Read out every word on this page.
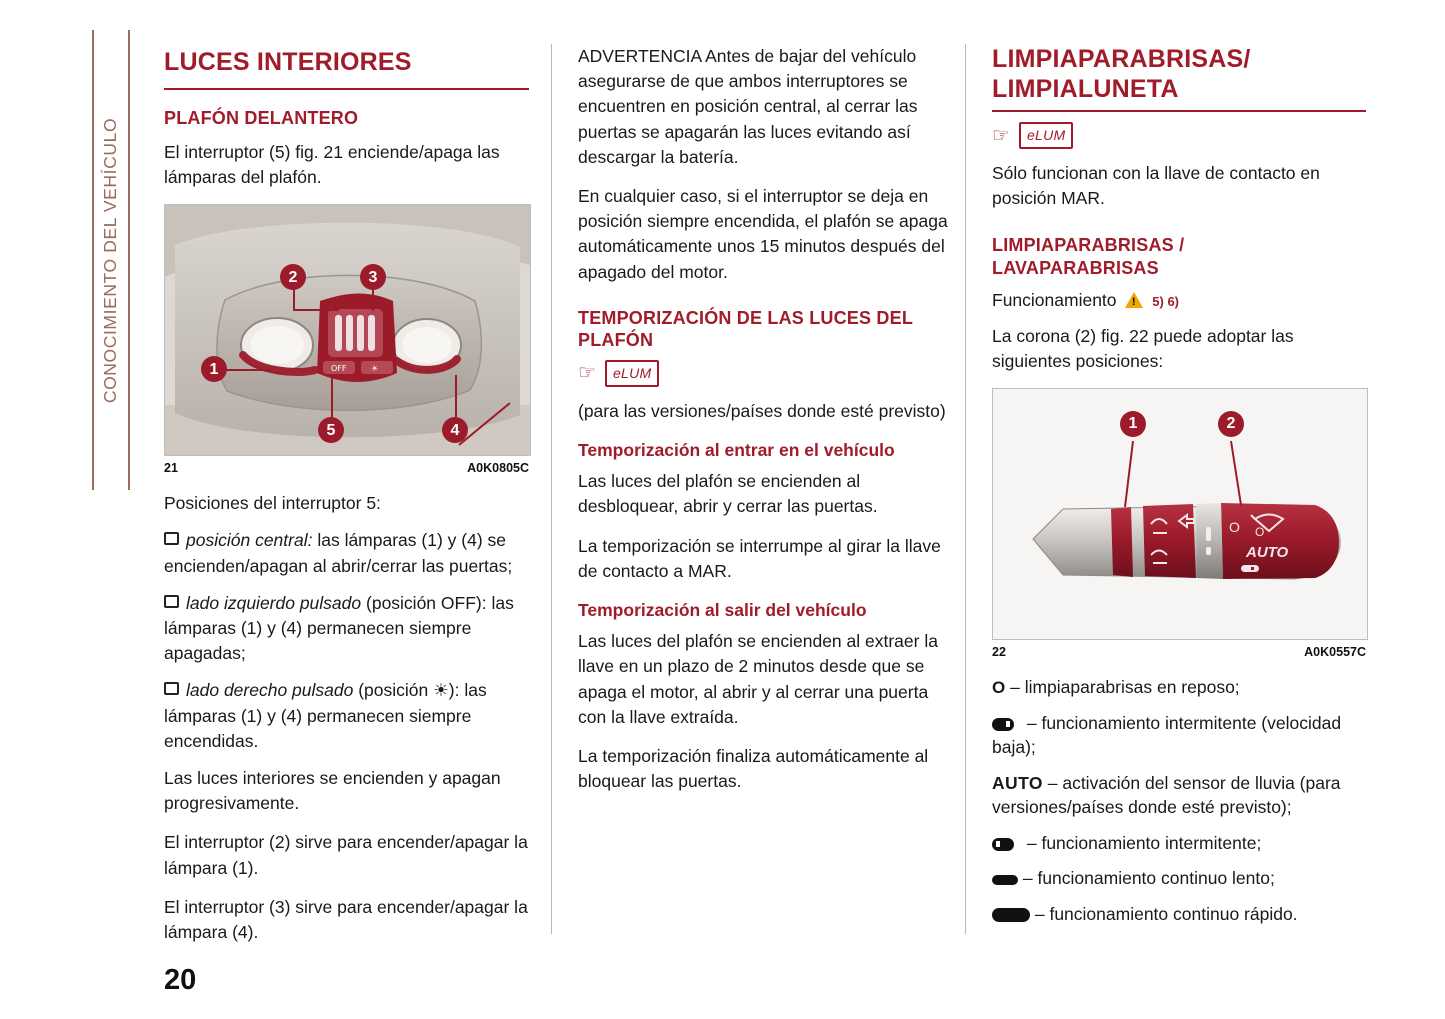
CONOCIMIENTO DEL VEHÍCULO
LUCES INTERIORES
PLAFÓN DELANTERO

El interruptor (5) fig. 21 enciende/apaga las lámparas del plafón.

OFF	☀
2	3
1
5	4
21	A0K0805C

Posiciones del interruptor 5:

posición central: las lámparas (1) y (4) se encienden/apagan al abrir/cerrar las puertas;
lado izquierdo pulsado (posición OFF): las lámparas (1) y (4) permanecen siempre apagadas;
lado derecho pulsado (posición ☀): las lámparas (1) y (4) permanecen siempre encendidas.

Las luces interiores se encienden y apagan progresivamente.

El interruptor (2) sirve para encender/apagar la lámpara (1).

El interruptor (3) sirve para encender/apagar la lámpara (4).

ADVERTENCIA Antes de bajar del vehículo asegurarse de que ambos interruptores se encuentren en posición central, al cerrar las puertas se apagarán las luces evitando así descargar la batería.

En cualquier caso, si el interruptor se deja en posición siempre encendida, el plafón se apaga automáticamente unos 15 minutos después del apagado del motor.

TEMPORIZACIÓN DE LAS LUCES DEL PLAFÓN
☞	eLUM

(para las versiones/países donde esté previsto)

Temporización al entrar en el vehículo

Las luces del plafón se encienden al desbloquear, abrir y cerrar las puertas.

La temporización se interrumpe al girar la llave de contacto a MAR.

Temporización al salir del vehículo

Las luces del plafón se encienden al extraer la llave en un plazo de 2 minutos desde que se apaga el motor, al abrir y al cerrar una puerta con la llave extraída.

La temporización finaliza automáticamente al bloquear las puertas.

LIMPIAPARABRISAS/
LIMPIALUNETA
☞	eLUM

Sólo funcionan con la llave de contacto en posición MAR.

LIMPIAPARABRISAS /
LAVAPARABRISAS
Funcionamiento !	5) 6)

La corona (2) fig. 22 puede adoptar las siguientes posiciones:

AUTO
O O
1	2
22	A0K0557C
O – limpiaparabrisas en reposo;
– funcionamiento intermitente (velocidad baja);
AUTO – activación del sensor de lluvia (para versiones/países donde esté previsto);
– funcionamiento intermitente;
– funcionamiento continuo lento;
– funcionamiento continuo rápido.
20
